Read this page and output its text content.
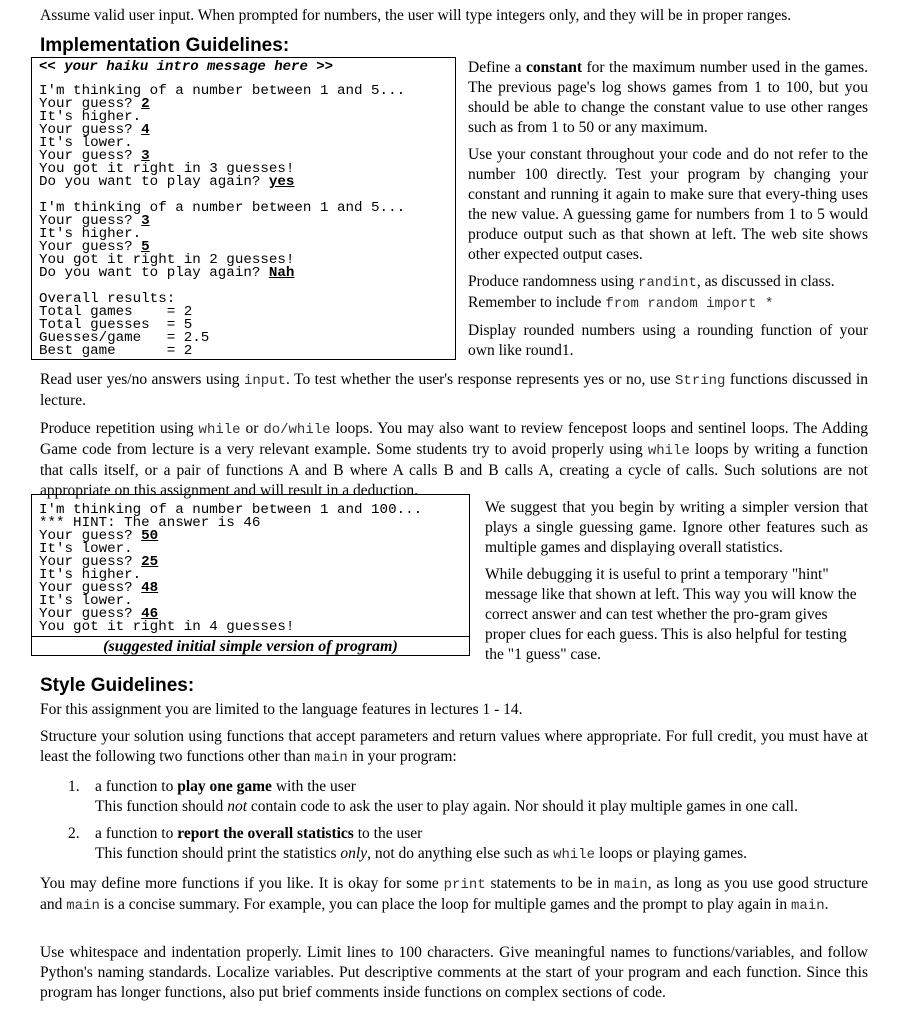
Assume valid user input. When prompted for numbers, the user will type integers only, and they will be in proper ranges.

Implementation Guidelines:
<< your haiku intro message here >>
I'm thinking of a number between 1 and 5...
Your guess? 2
It's higher.
Your guess? 4
It's lower.
Your guess? 3
You got it right in 3 guesses!
Do you want to play again? yes
I'm thinking of a number between 1 and 5...
Your guess? 3
It's higher.
Your guess? 5
You got it right in 2 guesses!
Do you want to play again? Nah
Overall results:
Total games    = 2
Total guesses  = 5
Guesses/game   = 2.5
Best game      = 2

Define a constant for the maximum number used in the games. The previous page's log shows games from 1 to 100, but you should be able to change the constant value to use other ranges such as from 1 to 50 or any maximum.

Use your constant throughout your code and do not refer to the number 100 directly. Test your program by changing your constant and running it again to make sure that every-thing uses the new value. A guessing game for numbers from 1 to 5 would produce output such as that shown at left. The web site shows other expected output cases.

Produce randomness using randint, as discussed in class. Remember to include from random import *

Display rounded numbers using a rounding function of your own like round1.

Read user yes/no answers using input. To test whether the user's response represents yes or no, use String functions discussed in lecture.

Produce repetition using while or do/while loops. You may also want to review fencepost loops and sentinel loops. The Adding Game code from lecture is a very relevant example. Some students try to avoid properly using while loops by writing a function that calls itself, or a pair of functions A and B where A calls B and B calls A, creating a cycle of calls. Such solutions are not appropriate on this assignment and will result in a deduction.

I'm thinking of a number between 1 and 100...
*** HINT: The answer is 46
Your guess? 50
It's lower.
Your guess? 25
It's higher.
Your guess? 48
It's lower.
Your guess? 46
You got it right in 4 guesses!
(suggested initial simple version of program)

We suggest that you begin by writing a simpler version that plays a single guessing game. Ignore other features such as multiple games and displaying overall statistics.

While debugging it is useful to print a temporary "hint" message like that shown at left. This way you will know the correct answer and can test whether the pro-gram gives proper clues for each guess. This is also helpful for testing the "1 guess" case.

Style Guidelines:

For this assignment you are limited to the language features in lectures 1 - 14.

Structure your solution using functions that accept parameters and return values where appropriate. For full credit, you must have at least the following two functions other than main in your program:

1. a function to play one game with the user
This function should not contain code to ask the user to play again. Nor should it play multiple games in one call.
2. a function to report the overall statistics to the user
This function should print the statistics only, not do anything else such as while loops or playing games.

You may define more functions if you like. It is okay for some print statements to be in main, as long as you use good structure and main is a concise summary. For example, you can place the loop for multiple games and the prompt to play again in main.

Use whitespace and indentation properly. Limit lines to 100 characters. Give meaningful names to functions/variables, and follow Python's naming standards. Localize variables. Put descriptive comments at the start of your program and each function. Since this program has longer functions, also put brief comments inside functions on complex sections of code.
